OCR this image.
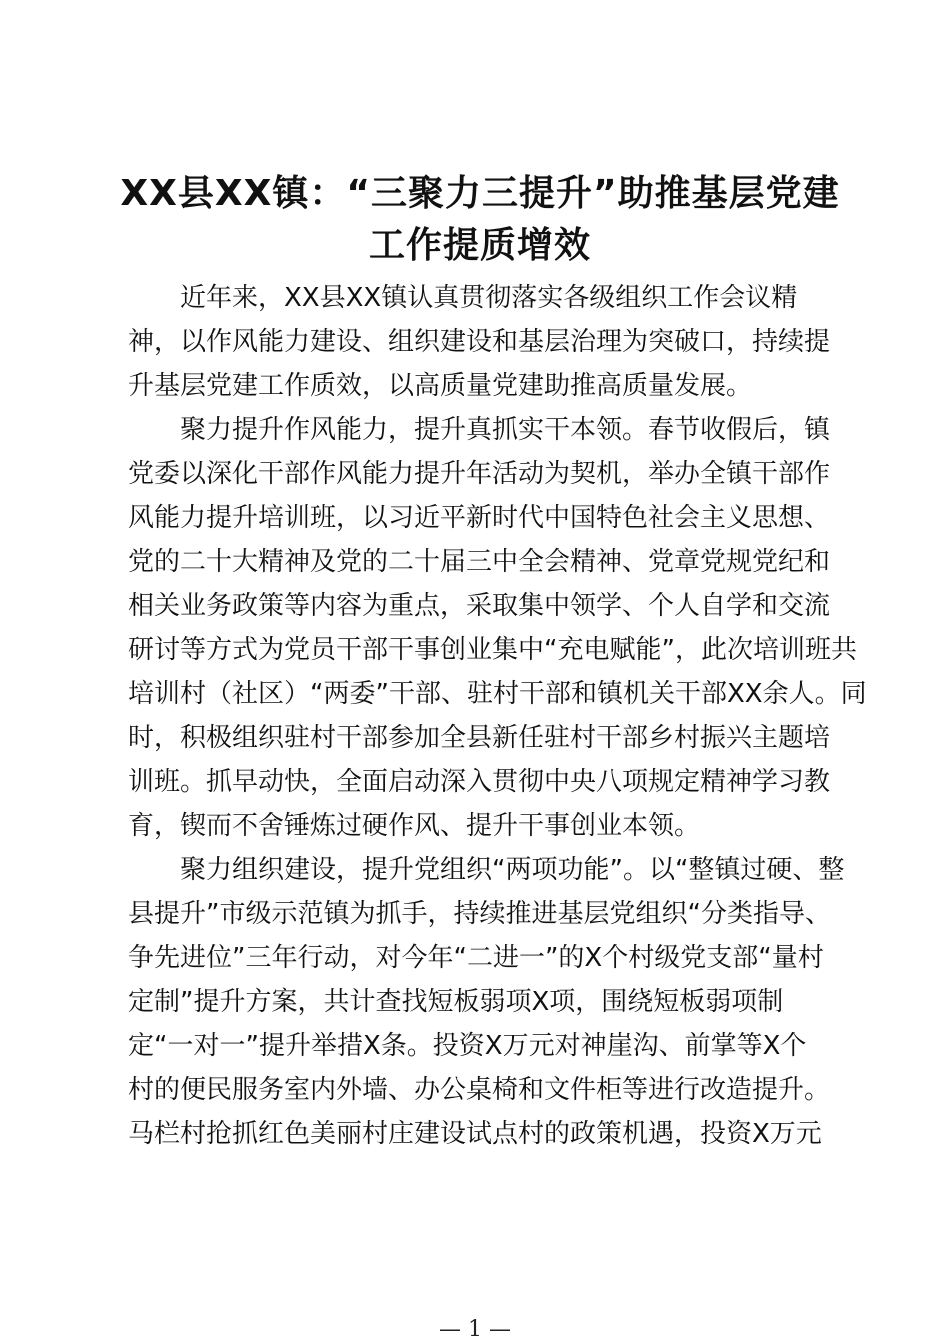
XX县XX镇：“三聚力三提升”助推基层党建
工作提质增效
近年来，XX县XX镇认真贯彻落实各级组织工作会议精
神，以作风能力建设、组织建设和基层治理为突破口，持续提
升基层党建工作质效，以高质量党建助推高质量发展。
聚力提升作风能力，提升真抓实干本领。春节收假后，镇
党委以深化干部作风能力提升年活动为契机，举办全镇干部作
风能力提升培训班，以习近平新时代中国特色社会主义思想、
党的二十大精神及党的二十届三中全会精神、党章党规党纪和
相关业务政策等内容为重点，采取集中领学、个人自学和交流
研讨等方式为党员干部干事创业集中“充电赋能”，此次培训班共
培训村（社区）“两委”干部、驻村干部和镇机关干部XX余人。同
时，积极组织驻村干部参加全县新任驻村干部乡村振兴主题培
训班。抓早动快，全面启动深入贯彻中央八项规定精神学习教
育，锲而不舍锤炼过硬作风、提升干事创业本领。
聚力组织建设，提升党组织“两项功能”。以“整镇过硬、整
县提升”市级示范镇为抓手，持续推进基层党组织“分类指导、
争先进位”三年行动，对今年“二进一”的X个村级党支部“量村
定制”提升方案，共计查找短板弱项X项，围绕短板弱项制
定“一对一”提升举措X条。投资X万元对神崖沟、前掌等X个
村的便民服务室内外墙、办公桌椅和文件柜等进行改造提升。
马栏村抢抓红色美丽村庄建设试点村的政策机遇，投资X万元
— 1 —
